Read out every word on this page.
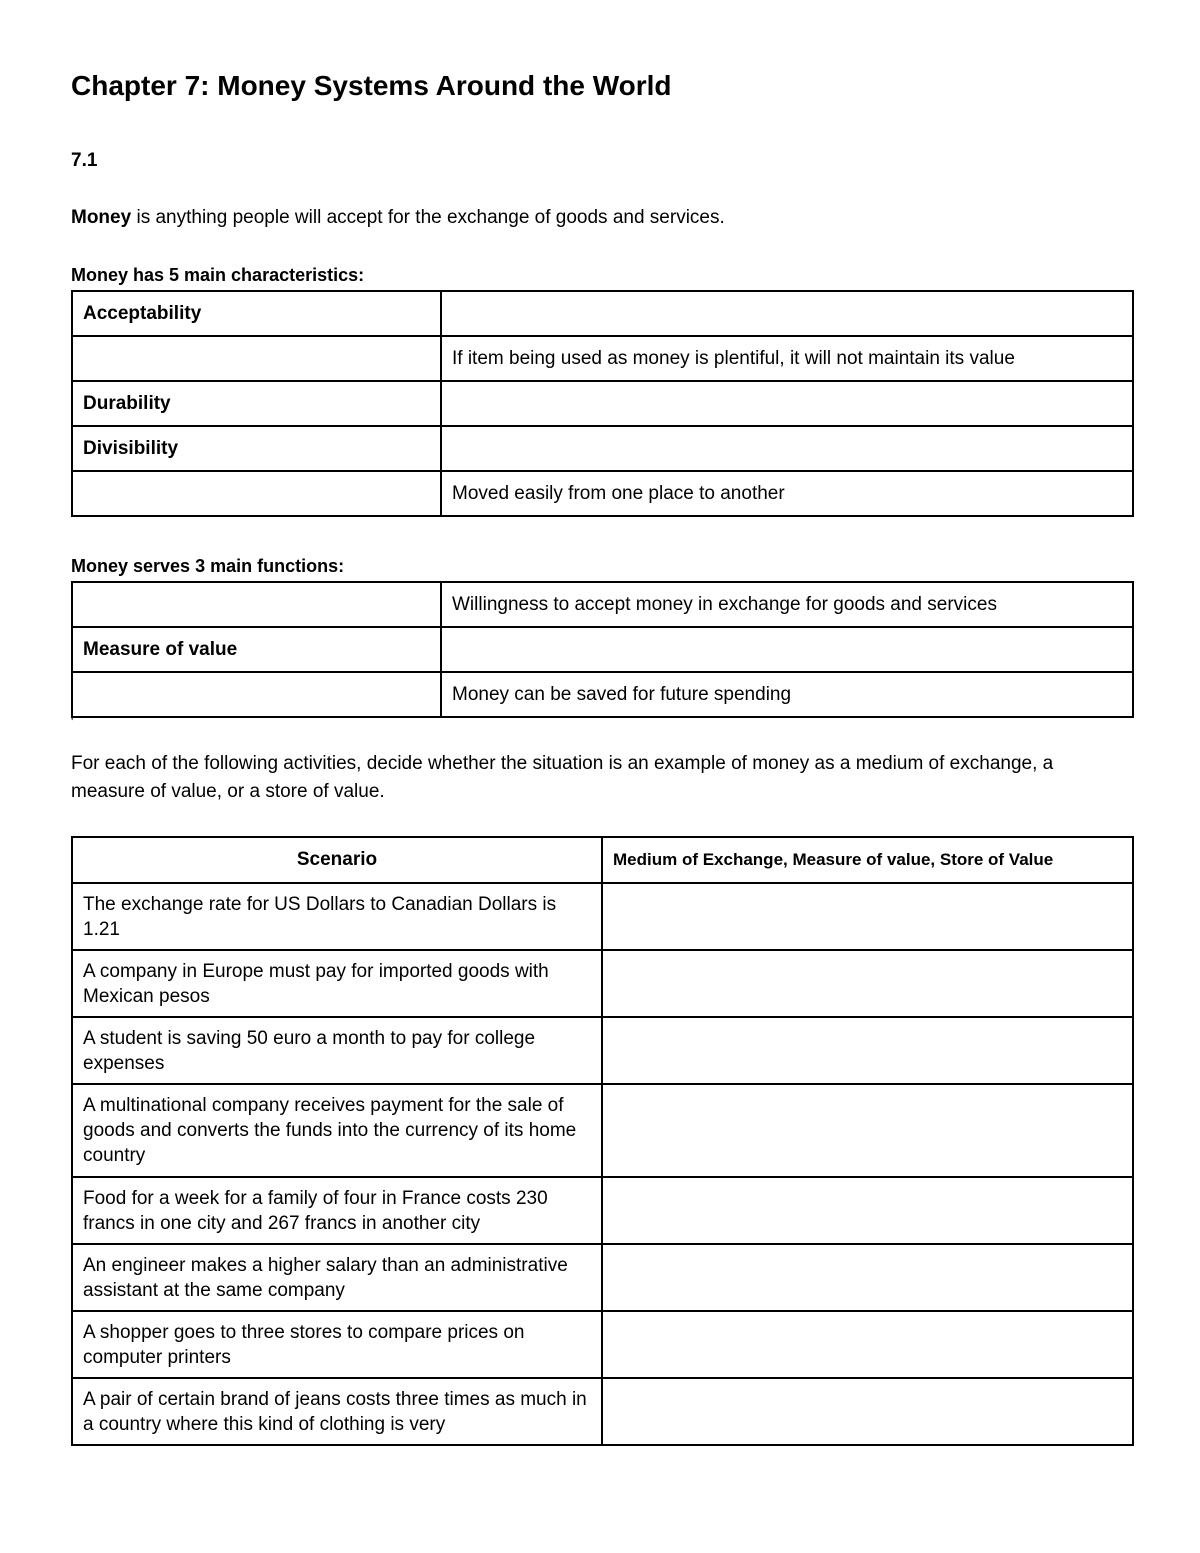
Chapter 7: Money Systems Around the World
7.1
Money is anything people will accept for the exchange of goods and services.
Money has 5 main characteristics:
Acceptability	
	If item being used as money is plentiful, it will not maintain its value
Durability	
Divisibility	
	Moved easily from one place to another
Money serves 3 main functions:
	Willingness to accept money in exchange for goods and services
Measure of value	
	Money can be saved for future spending
'
For each of the following activities, decide whether the situation is an example of money as a medium of exchange, a measure of value, or a store of value.
Scenario	Medium of Exchange, Measure of value, Store of Value
The exchange rate for US Dollars to Canadian Dollars is 1.21	
A company in Europe must pay for imported goods with Mexican pesos	
A student is saving 50 euro a month to pay for college expenses	
A multinational company receives payment for the sale of goods and converts the funds into the currency of its home country	
Food for a week for a family of four in France costs 230 francs in one city and 267 francs in another city	
An engineer makes a higher salary than an administrative assistant at the same company	
A shopper goes to three stores to compare prices on computer printers	
A pair of certain brand of jeans costs three times as much in a country where this kind of clothing is very	
